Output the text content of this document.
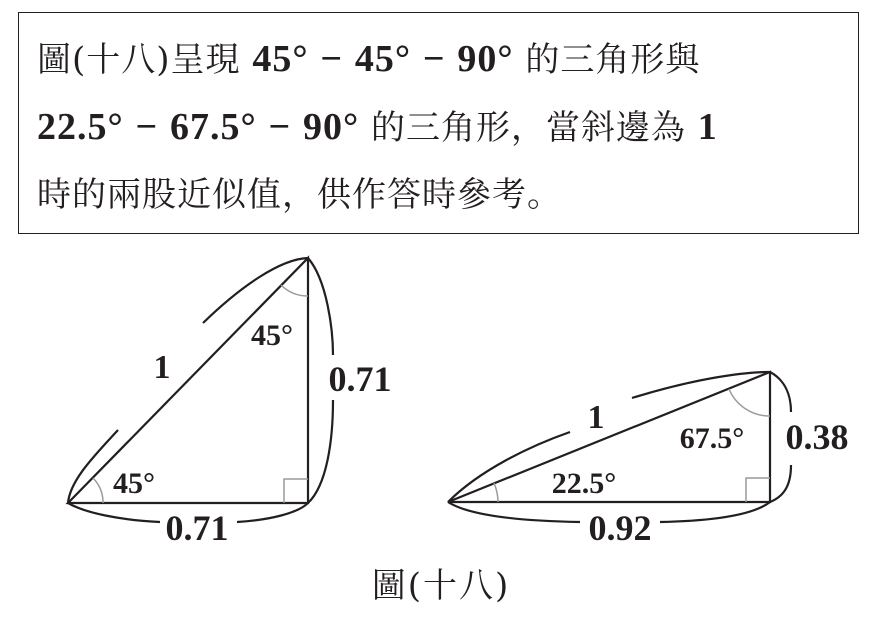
圖(十八)呈現 45° − 45° − 90° 的三角形與
22.5° − 67.5° − 90° 的三角形，當斜邊為 1
時的兩股近似值，供作答時參考。
1
45°
45°
0.71
0.71
1
67.5°
22.5°
0.38
0.92
圖(十八)
